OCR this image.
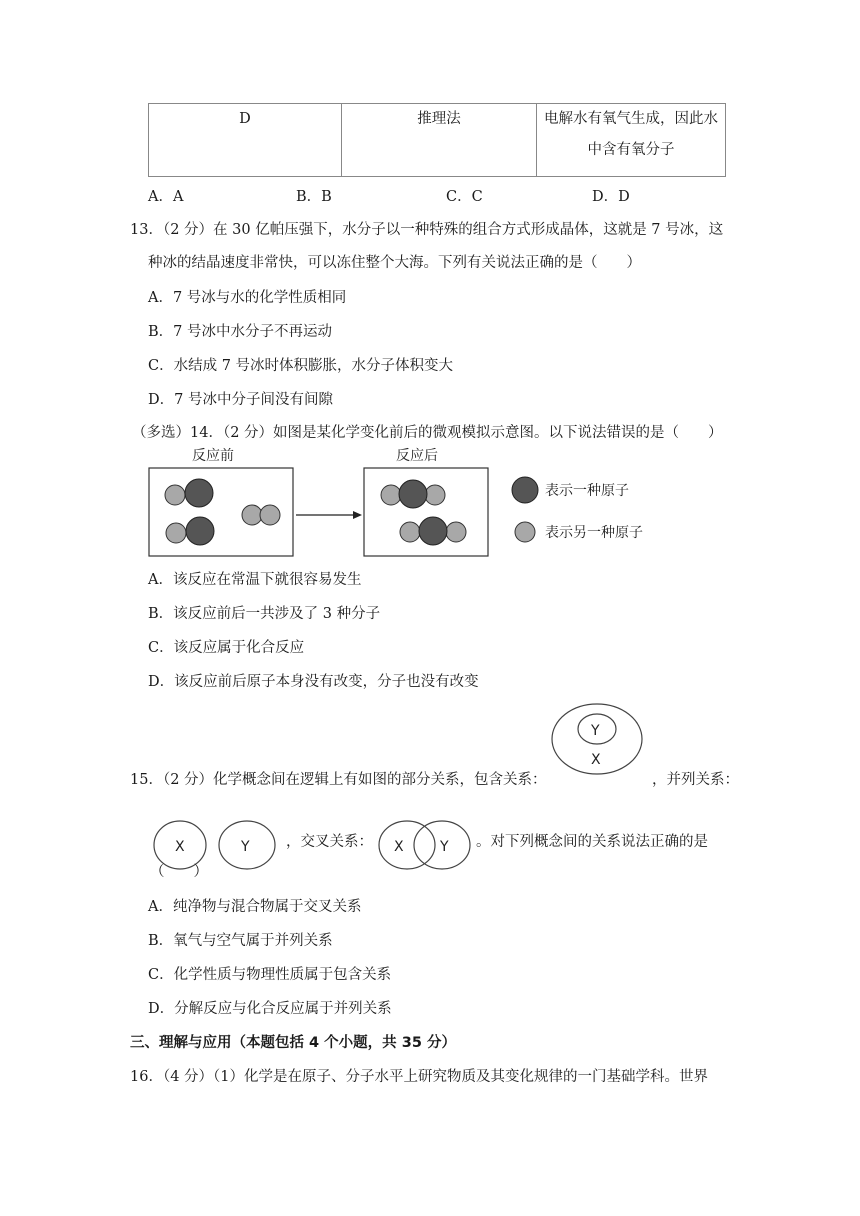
D	推理法	电解水有氧气生成，因此水
中含有氧分子
A．A	B．B	C．C	D．D
13．（2 分）在 30 亿帕压强下，水分子以一种特殊的组合方式形成晶体，这就是 7 号冰，这
种冰的结晶速度非常快，可以冻住整个大海。下列有关说法正确的是（　　）
A．7 号冰与水的化学性质相同
B．7 号冰中水分子不再运动
C．水结成 7 号冰时体积膨胀，水分子体积变大
D．7 号冰中分子间没有间隙
（多选）14．（2 分）如图是某化学变化前后的微观模拟示意图。以下说法错误的是（　　）
反应前	反应后
表示一种原子
表示另一种原子
A．该反应在常温下就很容易发生
B．该反应前后一共涉及了 3 种分子
C．该反应属于化合反应
D．该反应前后原子本身没有改变，分子也没有改变
Y
X
15．（2 分）化学概念间在逻辑上有如图的部分关系，包含关系：	，并列关系：
X	Y	，交叉关系： X	Y 。对下列概念间的关系说法正确的是
（　　）
A．纯净物与混合物属于交叉关系
B．氧气与空气属于并列关系
C．化学性质与物理性质属于包含关系
D．分解反应与化合反应属于并列关系
三、理解与应用（本题包括 4 个小题，共 35 分）
16．（4 分）（1）化学是在原子、分子水平上研究物质及其变化规律的一门基础学科。世界
